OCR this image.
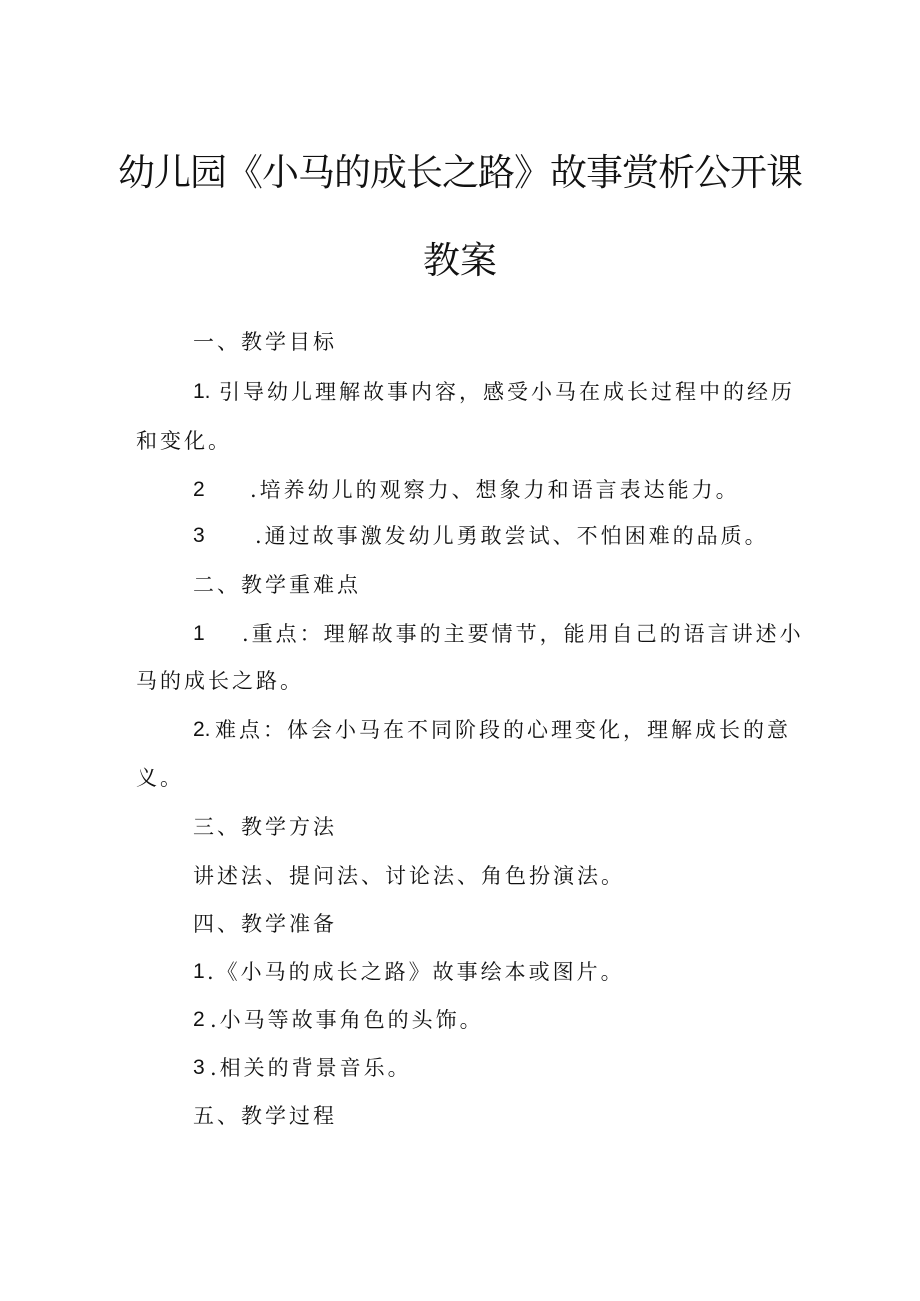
幼儿园《小马的成长之路》故事赏析公开课
教案
一、教学目标
1. 引导幼儿理解故事内容，感受小马在成长过程中的经历
和变化。
2 .培养幼儿的观察力、想象力和语言表达能力。
3 .通过故事激发幼儿勇敢尝试、不怕困难的品质。
二、教学重难点
1 .重点：理解故事的主要情节，能用自己的语言讲述小
马的成长之路。
2. 难点：体会小马在不同阶段的心理变化，理解成长的意
义。
三、教学方法
讲述法、提问法、讨论法、角色扮演法。
四、教学准备
1 .《小马的成长之路》故事绘本或图片。
2 .小马等故事角色的头饰。
3 .相关的背景音乐。
五、教学过程
